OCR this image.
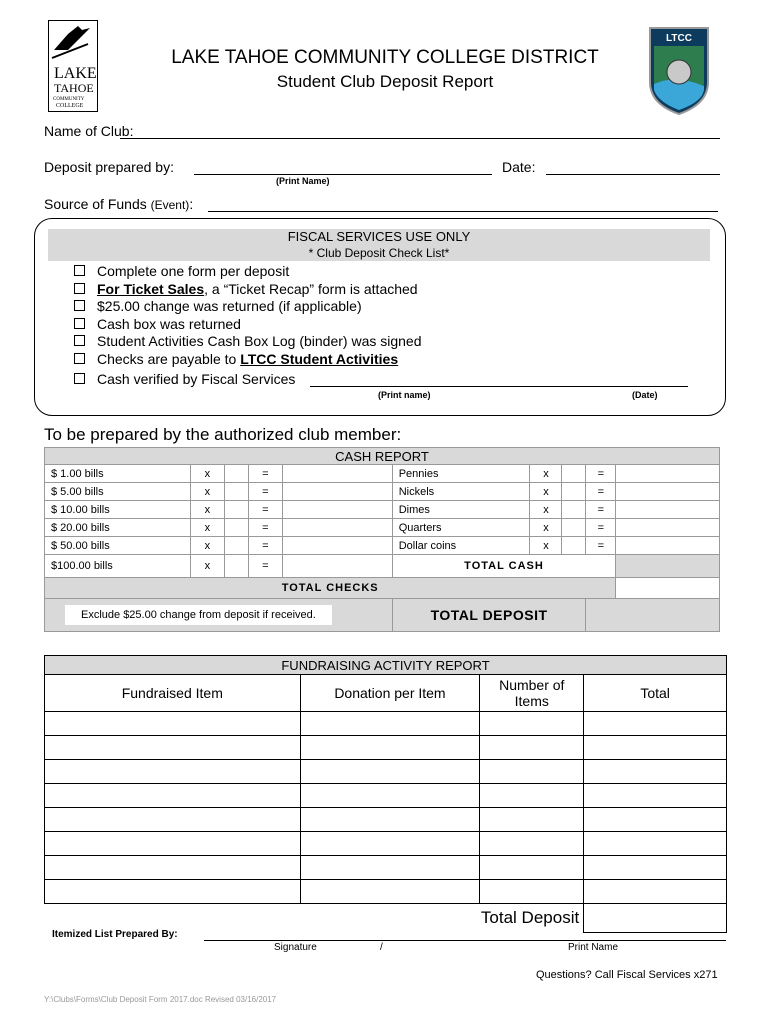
LAKE
TAHOE
COMMUNITY
COLLEGE
LTCC
LAKE TAHOE COMMUNITY COLLEGE DISTRICT
Student Club Deposit Report
Name of Club:
Deposit prepared by:	Date:
(Print Name)
Source of Funds (Event):
FISCAL SERVICES USE ONLY
* Club Deposit Check List*
Complete one form per deposit
For Ticket Sales, a “Ticket Recap” form is attached
$25.00 change was returned (if applicable)
Cash box was returned
Student Activities Cash Box Log (binder) was signed
Checks are payable to LTCC Student Activities
Cash verified by Fiscal Services
(Print name)	(Date)
To be prepared by the authorized club member:
CASH REPORT									
$ 1.00 bills	x		=		Pennies	x		=	
$ 5.00 bills	x		=		Nickels	x		=	
$ 10.00 bills	x		=		Dimes	x		=	
$ 20.00 bills	x		=		Quarters	x		=	
$ 50.00 bills	x		=		Dollar coins	x		=	
$100.00 bills	x		=		TOTAL CASH				
TOTAL CHECKS									
Exclude $25.00 change from deposit if received.					TOTAL DEPOSIT				
FUNDRAISING ACTIVITY REPORT			
Fundraised Item	Donation per Item	Number of Items	Total

Total Deposit			
Itemized List Prepared By:
Signature	/	Print Name
Questions? Call Fiscal Services x271
Y:\Clubs\Forms\Club Deposit Form 2017.doc Revised 03/16/2017
